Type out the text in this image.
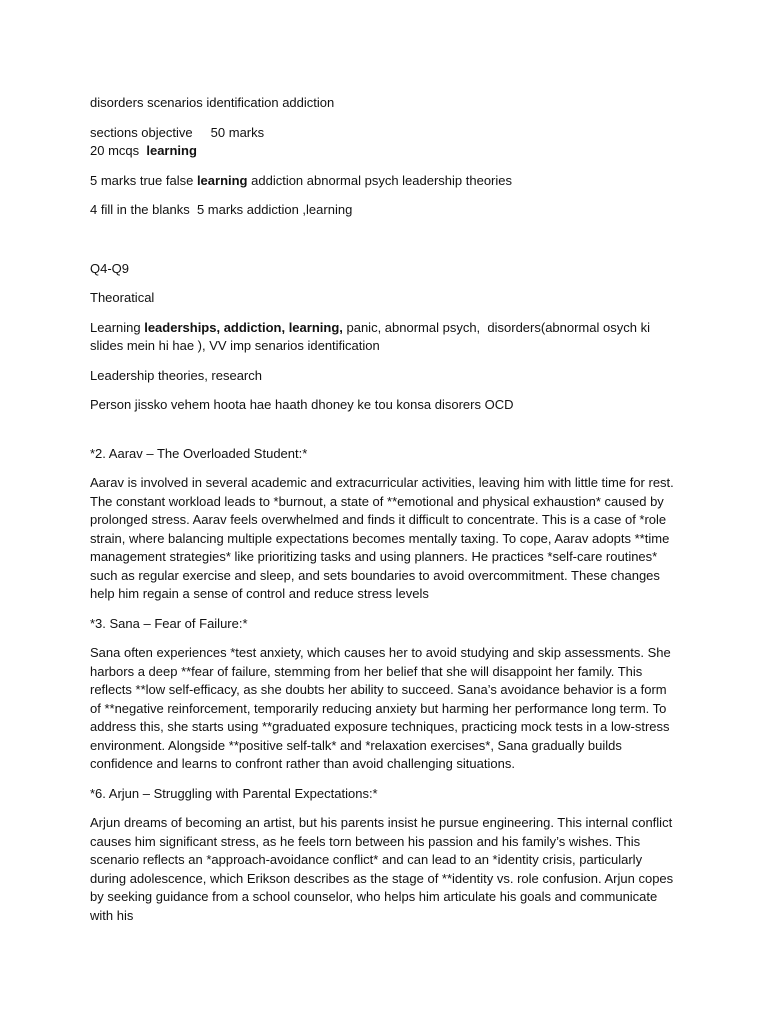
disorders scenarios identification addiction

sections objective     50 marks

20 mcqs  learning

5 marks true false learning addiction abnormal psych leadership theories

4 fill in the blanks  5 marks addiction ,learning

Q4-Q9

Theoratical

Learning leaderships, addiction, learning, panic, abnormal psych,  disorders(abnormal osych ki slides mein hi hae ), VV imp senarios identification

Leadership theories, research

Person jissko vehem hoota hae haath dhoney ke tou konsa disorers OCD

*2. Aarav – The Overloaded Student:*

Aarav is involved in several academic and extracurricular activities, leaving him with little time for rest. The constant workload leads to *burnout, a state of **emotional and physical exhaustion* caused by prolonged stress. Aarav feels overwhelmed and finds it difficult to concentrate. This is a case of *role strain, where balancing multiple expectations becomes mentally taxing. To cope, Aarav adopts **time management strategies* like prioritizing tasks and using planners. He practices *self-care routines* such as regular exercise and sleep, and sets boundaries to avoid overcommitment. These changes help him regain a sense of control and reduce stress levels

*3. Sana – Fear of Failure:*

Sana often experiences *test anxiety, which causes her to avoid studying and skip assessments. She harbors a deep **fear of failure, stemming from her belief that she will disappoint her family. This reflects **low self-efficacy, as she doubts her ability to succeed. Sana’s avoidance behavior is a form of **negative reinforcement, temporarily reducing anxiety but harming her performance long term. To address this, she starts using **graduated exposure techniques, practicing mock tests in a low-stress environment. Alongside **positive self-talk* and *relaxation exercises*, Sana gradually builds confidence and learns to confront rather than avoid challenging situations.

*6. Arjun – Struggling with Parental Expectations:*

Arjun dreams of becoming an artist, but his parents insist he pursue engineering. This internal conflict causes him significant stress, as he feels torn between his passion and his family’s wishes. This scenario reflects an *approach-avoidance conflict* and can lead to an *identity crisis, particularly during adolescence, which Erikson describes as the stage of **identity vs. role confusion. Arjun copes by seeking guidance from a school counselor, who helps him articulate his goals and communicate with his
